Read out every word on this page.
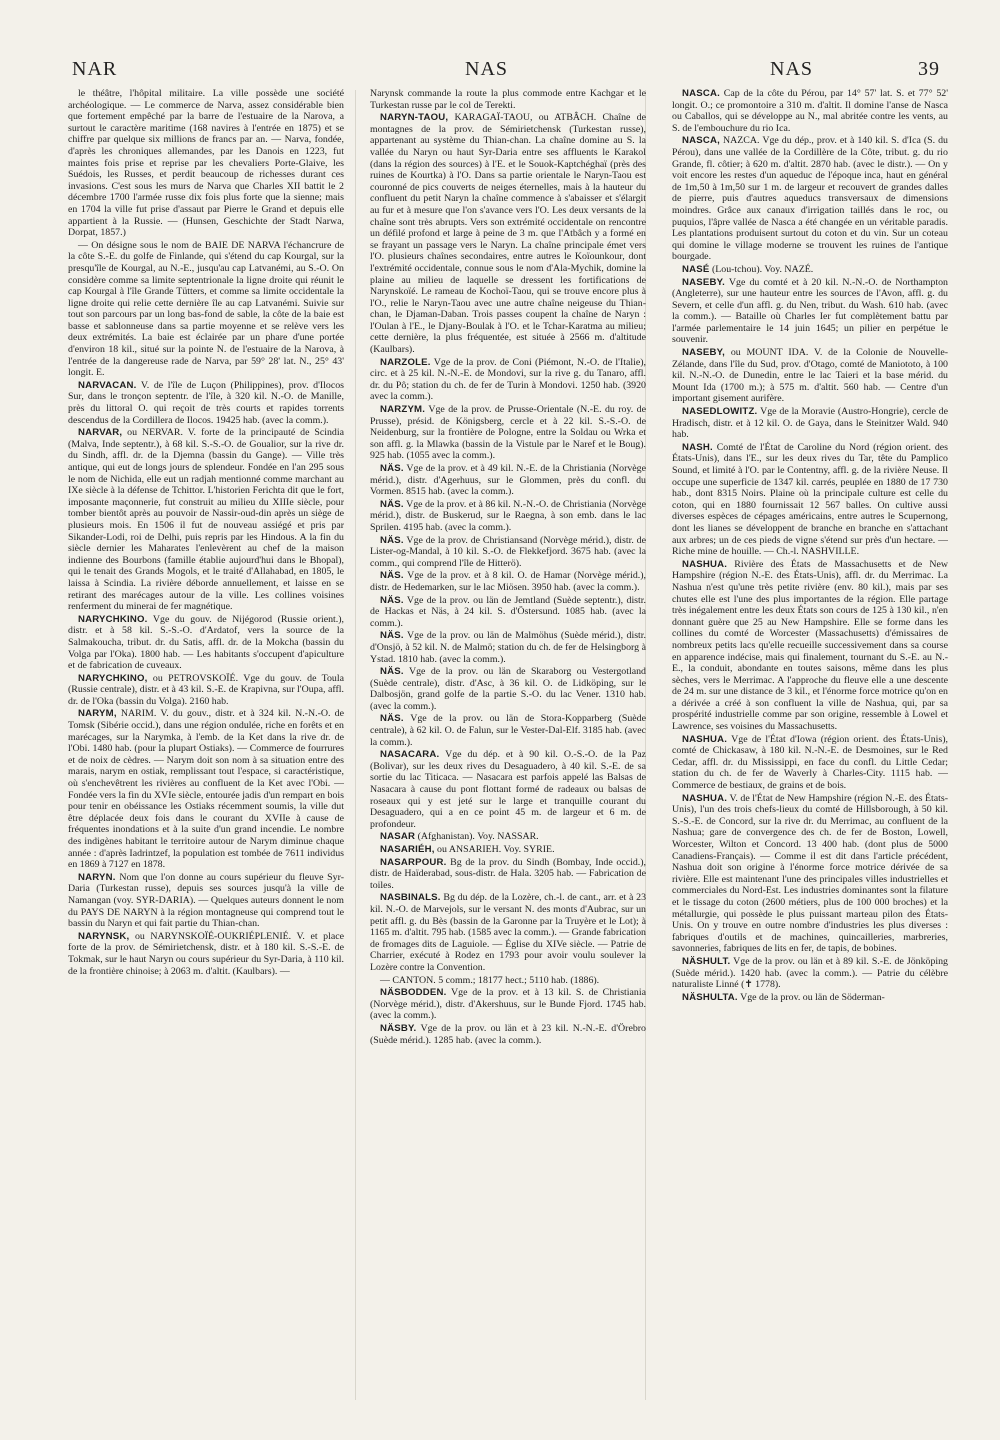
NAR	NAS	NAS	39

le théâtre, l'hôpital militaire. La ville possède une société archéologique. — Le commerce de Narva, assez considérable bien que fortement empêché par la barre de l'estuaire de la Narova, a surtout le caractère maritime (168 navires à l'entrée en 1875) et se chiffre par quelque six millions de francs par an. — Narva, fondée, d'après les chroniques allemandes, par les Danois en 1223, fut maintes fois prise et reprise par les chevaliers Porte-Glaive, les Suédois, les Russes, et perdit beaucoup de richesses durant ces invasions. C'est sous les murs de Narva que Charles XII battit le 2 décembre 1700 l'armée russe dix fois plus forte que la sienne; mais en 1704 la ville fut prise d'assaut par Pierre le Grand et depuis elle appartient à la Russie. — (Hunsen, Geschichte der Stadt Narwa, Dorpat, 1857.)

— On désigne sous le nom de BAIE DE NARVA l'échancrure de la côte S.-E. du golfe de Finlande, qui s'étend du cap Kourgal, sur la presqu'île de Kourgal, au N.-E., jusqu'au cap Latvanémi, au S.-O. On considère comme sa limite septentrionale la ligne droite qui réunit le cap Kourgal à l'île Grande Tütters, et comme sa limite occidentale la ligne droite qui relie cette dernière île au cap Latvanémi. Suivie sur tout son parcours par un long bas-fond de sable, la côte de la baie est basse et sablonneuse dans sa partie moyenne et se relève vers les deux extrémités. La baie est éclairée par un phare d'une portée d'environ 18 kil., situé sur la pointe N. de l'estuaire de la Narova, à l'entrée de la dangereuse rade de Narva, par 59° 28' lat. N., 25° 43' longit. E.

NARVACAN. V. de l'île de Luçon (Philippines), prov. d'Ilocos Sur, dans le tronçon septentr. de l'île, à 320 kil. N.-O. de Manille, près du littoral O. qui reçoit de très courts et rapides torrents descendus de la Cordillera de Ilocos. 19425 hab. (avec la comm.).

NARVAR, ou NERVAR. V. forte de la principauté de Scindia (Malva, Inde septentr.), à 68 kil. S.-S.-O. de Goualior, sur la rive dr. du Sindh, affl. dr. de la Djemna (bassin du Gange). — Ville très antique, qui eut de longs jours de splendeur. Fondée en l'an 295 sous le nom de Nichida, elle eut un radjah mentionné comme marchant au IXe siècle à la défense de Tchittor. L'historien Ferichta dit que le fort, imposante maçonnerie, fut construit au milieu du XIIIe siècle, pour tomber bientôt après au pouvoir de Nassir-oud-din après un siège de plusieurs mois. En 1506 il fut de nouveau assiégé et pris par Sikander-Lodi, roi de Delhi, puis repris par les Hindous. A la fin du siècle dernier les Maharates l'enlevèrent au chef de la maison indienne des Bourbons (famille établie aujourd'hui dans le Bhopal), qui le tenait des Grands Mogols, et le traité d'Allahabad, en 1805, le laissa à Scindia. La rivière déborde annuellement, et laisse en se retirant des marécages autour de la ville. Les collines voisines renferment du minerai de fer magnétique.

NARYCHKINO. Vge du gouv. de Nijégorod (Russie orient.), distr. et à 58 kil. S.-S.-O. d'Ardatof, vers la source de la Salmakoucha, tribut. dr. du Satis, affl. dr. de la Mokcha (bassin du Volga par l'Oka). 1800 hab. — Les habitants s'occupent d'apiculture et de fabrication de cuveaux.

NARYCHKINO, ou PETROVSKOÏÉ. Vge du gouv. de Toula (Russie centrale), distr. et à 43 kil. S.-E. de Krapivna, sur l'Oupa, affl. dr. de l'Oka (bassin du Volga). 2160 hab.

NARYM, NARIM. V. du gouv., distr. et à 324 kil. N.-N.-O. de Tomsk (Sibérie occid.), dans une région ondulée, riche en forêts et en marécages, sur la Narymka, à l'emb. de la Ket dans la rive dr. de l'Obi. 1480 hab. (pour la plupart Ostiaks). — Commerce de fourrures et de noix de cèdres. — Narym doit son nom à sa situation entre des marais, narym en ostiak, remplissant tout l'espace, si caractéristique, où s'enchevêtrent les rivières au confluent de la Ket avec l'Obi. — Fondée vers la fin du XVIe siècle, entourée jadis d'un rempart en bois pour tenir en obéissance les Ostiaks récemment soumis, la ville dut être déplacée deux fois dans le courant du XVIIe à cause de fréquentes inondations et à la suite d'un grand incendie. Le nombre des indigènes habitant le territoire autour de Narym diminue chaque année : d'après Iadrintzef, la population est tombée de 7611 individus en 1869 à 7127 en 1878.

NARYN. Nom que l'on donne au cours supérieur du fleuve Syr-Daria (Turkestan russe), depuis ses sources jusqu'à la ville de Namangan (voy. SYR-DARIA). — Quelques auteurs donnent le nom du PAYS DE NARYN à la région montagneuse qui comprend tout le bassin du Naryn et qui fait partie du Thian-chan.

NARYNSK, ou NARYNSKOÏÉ-OUKRIÉPLENIÉ. V. et place forte de la prov. de Sémirietchensk, distr. et à 180 kil. S.-S.-E. de Tokmak, sur le haut Naryn ou cours supérieur du Syr-Daria, à 110 kil. de la frontière chinoise; à 2063 m. d'altit. (Kaulbars). —

Narynsk commande la route la plus commode entre Kachgar et le Turkestan russe par le col de Terekti.

NARYN-TAOU, KARAGAÏ-TAOU, ou ATBÂCH. Chaîne de montagnes de la prov. de Sémirietchensk (Turkestan russe), appartenant au système du Thian-chan. La chaîne domine au S. la vallée du Naryn ou haut Syr-Daria entre ses affluents le Karakol (dans la région des sources) à l'E. et le Souok-Kaptchéghaï (près des ruines de Kourtka) à l'O. Dans sa partie orientale le Naryn-Taou est couronné de pics couverts de neiges éternelles, mais à la hauteur du confluent du petit Naryn la chaîne commence à s'abaisser et s'élargit au fur et à mesure que l'on s'avance vers l'O. Les deux versants de la chaîne sont très abrupts. Vers son extrémité occidentale on rencontre un défilé profond et large à peine de 3 m. que l'Atbâch y a formé en se frayant un passage vers le Naryn. La chaîne principale émet vers l'O. plusieurs chaînes secondaires, entre autres le Koïounkour, dont l'extrémité occidentale, connue sous le nom d'Ala-Mychik, domine la plaine au milieu de laquelle se dressent les fortifications de Narynskoïé. Le rameau de Kochoï-Taou, qui se trouve encore plus à l'O., relie le Naryn-Taou avec une autre chaîne neigeuse du Thian-chan, le Djaman-Daban. Trois passes coupent la chaîne de Naryn : l'Oulan à l'E., le Djany-Boulak à l'O. et le Tchar-Karatma au milieu; cette dernière, la plus fréquentée, est située à 2566 m. d'altitude (Kaulbars).

NARZOLE. Vge de la prov. de Coni (Piémont, N.-O. de l'Italie), circ. et à 25 kil. N.-N.-E. de Mondovi, sur la rive g. du Tanaro, affl. dr. du Pô; station du ch. de fer de Turin à Mondovi. 1250 hab. (3920 avec la comm.).

NARZYM. Vge de la prov. de Prusse-Orientale (N.-E. du roy. de Prusse), présid. de Königsberg, cercle et à 22 kil. S.-S.-O. de Neidenburg, sur la frontière de Pologne, entre la Soldau ou Wrka et son affl. g. la Mlawka (bassin de la Vistule par le Naref et le Boug). 925 hab. (1055 avec la comm.).

NÄS. Vge de la prov. et à 49 kil. N.-E. de la Christiania (Norvège mérid.), distr. d'Agerhuus, sur le Glommen, près du confl. du Vormen. 8515 hab. (avec la comm.).

NÄS. Vge de la prov. et à 86 kil. N.-N.-O. de Christiania (Norvège mérid.), distr. de Buskerud, sur le Raegna, à son emb. dans le lac Sprilen. 4195 hab. (avec la comm.).

NÄS. Vge de la prov. de Christiansand (Norvège mérid.), distr. de Lister-og-Mandal, à 10 kil. S.-O. de Flekkefjord. 3675 hab. (avec la comm., qui comprend l'île de Hitterö).

NÄS. Vge de la prov. et à 8 kil. O. de Hamar (Norvège mérid.), distr. de Hedemarken, sur le lac Miösen. 3950 hab. (avec la comm.).

NÄS. Vge de la prov. ou län de Jemtland (Suède septentr.), distr. de Hackas et Näs, à 24 kil. S. d'Östersund. 1085 hab. (avec la comm.).

NÄS. Vge de la prov. ou län de Malmöhus (Suède mérid.), distr. d'Onsjö, à 52 kil. N. de Malmö; station du ch. de fer de Helsingborg à Ystad. 1810 hab. (avec la comm.).

NÄS. Vge de la prov. ou län de Skaraborg ou Vestergotland (Suède centrale), distr. d'Asc, à 36 kil. O. de Lidköping, sur le Dalbosjön, grand golfe de la partie S.-O. du lac Vener. 1310 hab. (avec la comm.).

NÄS. Vge de la prov. ou län de Stora-Kopparberg (Suède centrale), à 62 kil. O. de Falun, sur le Vester-Dal-Elf. 3185 hab. (avec la comm.).

NASACARA. Vge du dép. et à 90 kil. O.-S.-O. de la Paz (Bolivar), sur les deux rives du Desaguadero, à 40 kil. S.-E. de sa sortie du lac Titicaca. — Nasacara est parfois appelé las Balsas de Nasacara à cause du pont flottant formé de radeaux ou balsas de roseaux qui y est jeté sur le large et tranquille courant du Desaguadero, qui a en ce point 45 m. de largeur et 6 m. de profondeur.

NASAR (Afghanistan). Voy. NASSAR.

NASARIÉH, ou ANSARIEH. Voy. SYRIE.

NASARPOUR. Bg de la prov. du Sindh (Bombay, Inde occid.), distr. de Haïderabad, sous-distr. de Hala. 3205 hab. — Fabrication de toiles.

NASBINALS. Bg du dép. de la Lozère, ch.-l. de cant., arr. et à 23 kil. N.-O. de Marvejols, sur le versant N. des monts d'Aubrac, sur un petit affl. g. du Bès (bassin de la Garonne par la Truyère et le Lot); à 1165 m. d'altit. 795 hab. (1585 avec la comm.). — Grande fabrication de fromages dits de Laguiole. — Église du XIVe siècle. — Patrie de Charrier, exécuté à Rodez en 1793 pour avoir voulu soulever la Lozère contre la Convention.

— CANTON. 5 comm.; 18177 hect.; 5110 hab. (1886).

NÄSBODDEN. Vge de la prov. et à 13 kil. S. de Christiania (Norvège mérid.), distr. d'Akershuus, sur le Bunde Fjord. 1745 hab. (avec la comm.).

NÄSBY. Vge de la prov. ou län et à 23 kil. N.-N.-E. d'Örebro (Suède mérid.). 1285 hab. (avec la comm.).

NASCA. Cap de la côte du Pérou, par 14° 57' lat. S. et 77° 52' longit. O.; ce promontoire a 310 m. d'altit. Il domine l'anse de Nasca ou Caballos, qui se développe au N., mal abritée contre les vents, au S. de l'embouchure du rio Ica.

NASCA, NAZCA. Vge du dép., prov. et à 140 kil. S. d'Ica (S. du Pérou), dans une vallée de la Cordillère de la Côte, tribut. g. du rio Grande, fl. côtier; à 620 m. d'altit. 2870 hab. (avec le distr.). — On y voit encore les restes d'un aqueduc de l'époque inca, haut en général de 1m,50 à 1m,50 sur 1 m. de largeur et recouvert de grandes dalles de pierre, puis d'autres aqueducs transversaux de dimensions moindres. Grâce aux canaux d'irrigation taillés dans le roc, ou puquios, l'âpre vallée de Nasca a été changée en un véritable paradis. Les plantations produisent surtout du coton et du vin. Sur un coteau qui domine le village moderne se trouvent les ruines de l'antique bourgade.

NASÉ (Lou-tchou). Voy. NAZÉ.

NASEBY. Vge du comté et à 20 kil. N.-N.-O. de Northampton (Angleterre), sur une hauteur entre les sources de l'Avon, affl. g. du Severn, et celle d'un affl. g. du Nen, tribut. du Wash. 610 hab. (avec la comm.). — Bataille où Charles Ier fut complètement battu par l'armée parlementaire le 14 juin 1645; un pilier en perpétue le souvenir.

NASEBY, ou MOUNT IDA. V. de la Colonie de Nouvelle-Zélande, dans l'île du Sud, prov. d'Otago, comté de Maniototo, à 100 kil. N.-N.-O. de Dunedin, entre le lac Taieri et la base mérid. du Mount Ida (1700 m.); à 575 m. d'altit. 560 hab. — Centre d'un important gisement aurifère.

NASEDLOWITZ. Vge de la Moravie (Austro-Hongrie), cercle de Hradisch, distr. et à 12 kil. O. de Gaya, dans le Steinitzer Wald. 940 hab.

NASH. Comté de l'État de Caroline du Nord (région orient. des États-Unis), dans l'E., sur les deux rives du Tar, tête du Pamplico Sound, et limité à l'O. par le Contentny, affl. g. de la rivière Neuse. Il occupe une superficie de 1347 kil. carrés, peuplée en 1880 de 17 730 hab., dont 8315 Noirs. Plaine où la principale culture est celle du coton, qui en 1880 fournissait 12 567 balles. On cultive aussi diverses espèces de cépages américains, entre autres le Scupernong, dont les lianes se développent de branche en branche en s'attachant aux arbres; un de ces pieds de vigne s'étend sur près d'un hectare. — Riche mine de houille. — Ch.-l. NASHVILLE.

NASHUA. Rivière des États de Massachusetts et de New Hampshire (région N.-E. des États-Unis), affl. dr. du Merrimac. La Nashua n'est qu'une très petite rivière (env. 80 kil.), mais par ses chutes elle est l'une des plus importantes de la région. Elle partage très inégalement entre les deux États son cours de 125 à 130 kil., n'en donnant guère que 25 au New Hampshire. Elle se forme dans les collines du comté de Worcester (Massachusetts) d'émissaires de nombreux petits lacs qu'elle recueille successivement dans sa course en apparence indécise, mais qui finalement, tournant du S.-E. au N.-E., la conduit, abondante en toutes saisons, même dans les plus sèches, vers le Merrimac. A l'approche du fleuve elle a une descente de 24 m. sur une distance de 3 kil., et l'énorme force motrice qu'on en a dérivée a créé à son confluent la ville de Nashua, qui, par sa prospérité industrielle comme par son origine, ressemble à Lowel et Lawrence, ses voisines du Massachusetts.

NASHUA. Vge de l'État d'Iowa (région orient. des États-Unis), comté de Chickasaw, à 180 kil. N.-N.-E. de Desmoines, sur le Red Cedar, affl. dr. du Mississippi, en face du confl. du Little Cedar; station du ch. de fer de Waverly à Charles-City. 1115 hab. — Commerce de bestiaux, de grains et de bois.

NASHUA. V. de l'État de New Hampshire (région N.-E. des États-Unis), l'un des trois chefs-lieux du comté de Hillsborough, à 50 kil. S.-S.-E. de Concord, sur la rive dr. du Merrimac, au confluent de la Nashua; gare de convergence des ch. de fer de Boston, Lowell, Worcester, Wilton et Concord. 13 400 hab. (dont plus de 5000 Canadiens-Français). — Comme il est dit dans l'article précédent, Nashua doit son origine à l'énorme force motrice dérivée de sa rivière. Elle est maintenant l'une des principales villes industrielles et commerciales du Nord-Est. Les industries dominantes sont la filature et le tissage du coton (2600 métiers, plus de 100 000 broches) et la métallurgie, qui possède le plus puissant marteau pilon des États-Unis. On y trouve en outre nombre d'industries les plus diverses : fabriques d'outils et de machines, quincailleries, marbreries, savonneries, fabriques de lits en fer, de tapis, de bobines.

NÄSHULT. Vge de la prov. ou län et à 89 kil. S.-E. de Jönköping (Suède mérid.). 1420 hab. (avec la comm.). — Patrie du célèbre naturaliste Linné (✝ 1778).

NÄSHULTA. Vge de la prov. ou län de Söderman-
